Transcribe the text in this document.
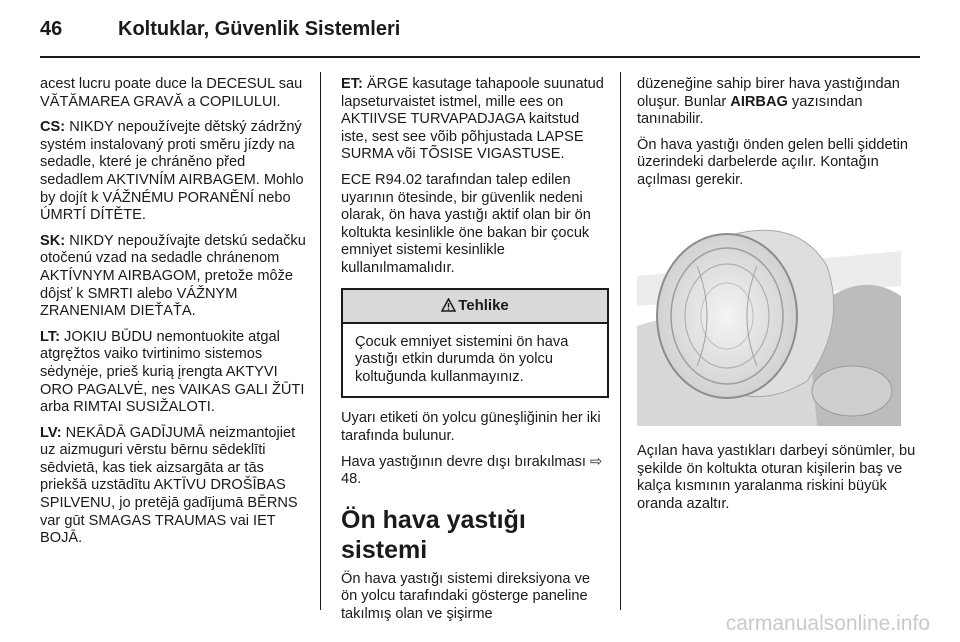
46	Koltuklar, Güvenlik Sistemleri

acest lucru poate duce la DECESUL sau VĂTĂMAREA GRAVĂ a COPILULUI.

CS: NIKDY nepoužívejte dětský zádržný systém instalovaný proti směru jízdy na sedadle, které je chráněno před sedadlem AKTIVNÍM AIRBAGEM. Mohlo by dojít k VÁŽNÉMU PORANĚNÍ nebo ÚMRTÍ DÍTĚTE.

SK: NIKDY nepoužívajte detskú sedačku otočenú vzad na sedadle chránenom AKTÍVNYM AIRBAGOM, pretože môže dôjsť k SMRTI alebo VÁŽNYM ZRANENIAM DIEŤAŤA.

LT: JOKIU BŪDU nemontuokite atgal atgręžtos vaiko tvirtinimo sistemos sėdynėje, prieš kurią įrengta AKTYVI ORO PAGALVĖ, nes VAIKAS GALI ŽŪTI arba RIMTAI SUSIŽALOTI.

LV: NEKĀDĀ GADĪJUMĀ neizmantojiet uz aizmuguri vērstu bērnu sēdeklīti sēdvietā, kas tiek aizsargāta ar tās priekšā uzstādītu AKTĪVU DROŠĪBAS SPILVENU, jo pretējā gadījumā BĒRNS var gūt SMAGAS TRAUMAS vai IET BOJĀ.

ET: ÄRGE kasutage tahapoole suunatud lapseturvaistet istmel, mille ees on AKTIIVSE TURVAPADJAGA kaitstud iste, sest see võib põhjustada LAPSE SURMA või TÕSISE VIGASTUSE.

ECE R94.02 tarafından talep edilen uyarının ötesinde, bir güvenlik nedeni olarak, ön hava yastığı aktif olan bir ön koltukta kesinlikle öne bakan bir çocuk emniyet sistemi kesinlikle kullanılmamalıdır.

Tehlike
Çocuk emniyet sistemini ön hava yastığı etkin durumda ön yolcu koltuğunda kullanmayınız.

Uyarı etiketi ön yolcu güneşliğinin her iki tarafında bulunur.

Hava yastığının devre dışı bırakılması ⇨ 48.

Ön hava yastığı sistemi

Ön hava yastığı sistemi direksiyona ve ön yolcu tarafındaki gösterge paneline takılmış olan ve şişirme

düzeneğine sahip birer hava yastığından oluşur. Bunlar AIRBAG yazısından tanınabilir.

Ön hava yastığı önden gelen belli şiddetin üzerindeki darbelerde açılır. Kontağın açılması gerekir.

Açılan hava yastıkları darbeyi sönümler, bu şekilde ön koltukta oturan kişilerin baş ve kalça kısmının yaralanma riskini büyük oranda azaltır.

carmanualsonline.info
